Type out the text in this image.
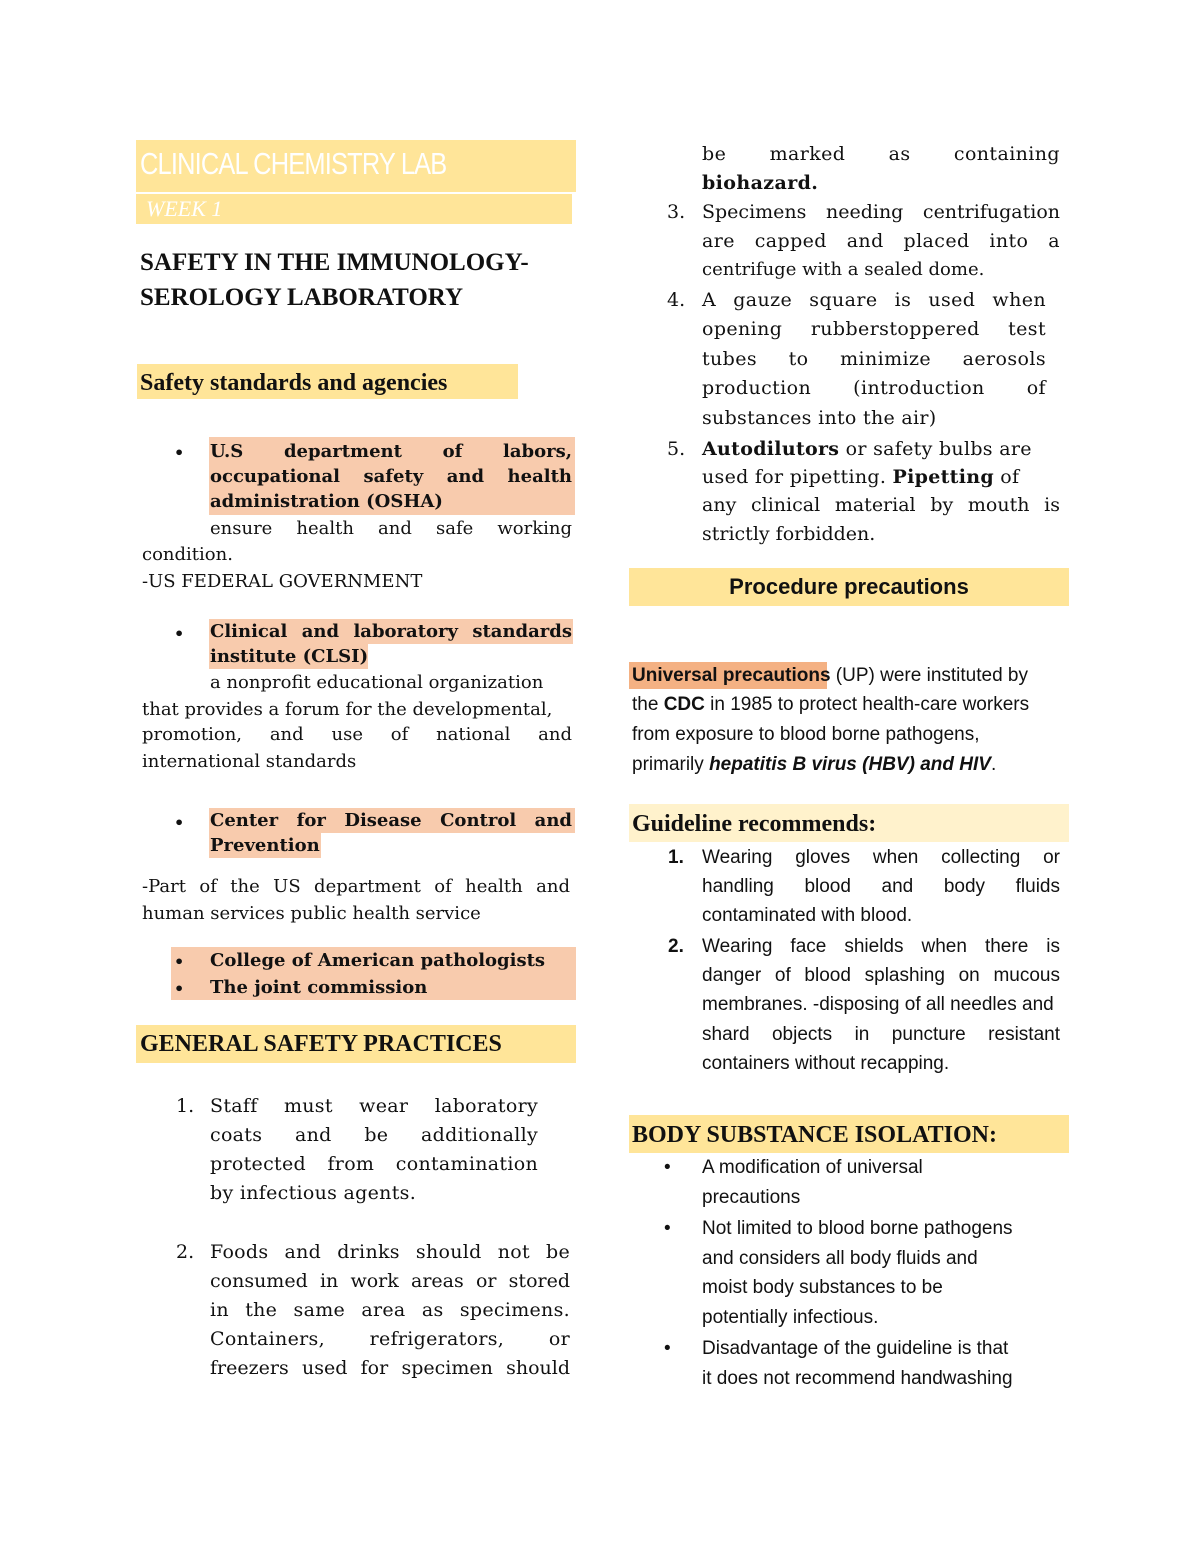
CLINICAL CHEMISTRY LAB
WEEK 1
SAFETY IN THE IMMUNOLOGY-
SEROLOGY LABORATORY
Safety standards and agencies
• U.S department of labors,
occupational safety and health
administration (OSHA)
ensure health and safe working
condition.
-US FEDERAL GOVERNMENT
• Clinical and laboratory standards
institute (CLSI)
a nonprofit educational organization
that provides a forum for the developmental,
promotion, and use of national and
international standards
• Center for Disease Control and
Prevention
-Part of the US department of health and
human services public health service
• College of American pathologists
• The joint commission
GENERAL SAFETY PRACTICES
1. Staff must wear laboratory
coats and be additionally
protected from contamination
by infectious agents.
2. Foods and drinks should not be
consumed in work areas or stored
in the same area as specimens.
Containers, refrigerators, or
freezers used for specimen should
be marked as containing
biohazard.
3. Specimens needing centrifugation
are capped and placed into a
centrifuge with a sealed dome.
4. A gauze square is used when
opening rubberstoppered test
tubes to minimize aerosols
production (introduction of
substances into the air)
5. Autodilutors or safety bulbs are
used for pipetting. Pipetting of
any clinical material by mouth is
strictly forbidden.
Procedure precautions
Universal precautions (UP) were instituted by
the CDC in 1985 to protect health-care workers
from exposure to blood borne pathogens,
primarily hepatitis B virus (HBV) and HIV.
Guideline recommends:
1. Wearing gloves when collecting or
handling blood and body fluids
contaminated with blood.
2. Wearing face shields when there is
danger of blood splashing on mucous
membranes. -disposing of all needles and
shard objects in puncture resistant
containers without recapping.
BODY SUBSTANCE ISOLATION:
• A modification of universal
precautions
• Not limited to blood borne pathogens
and considers all body fluids and
moist body substances to be
potentially infectious.
• Disadvantage of the guideline is that
it does not recommend handwashing
